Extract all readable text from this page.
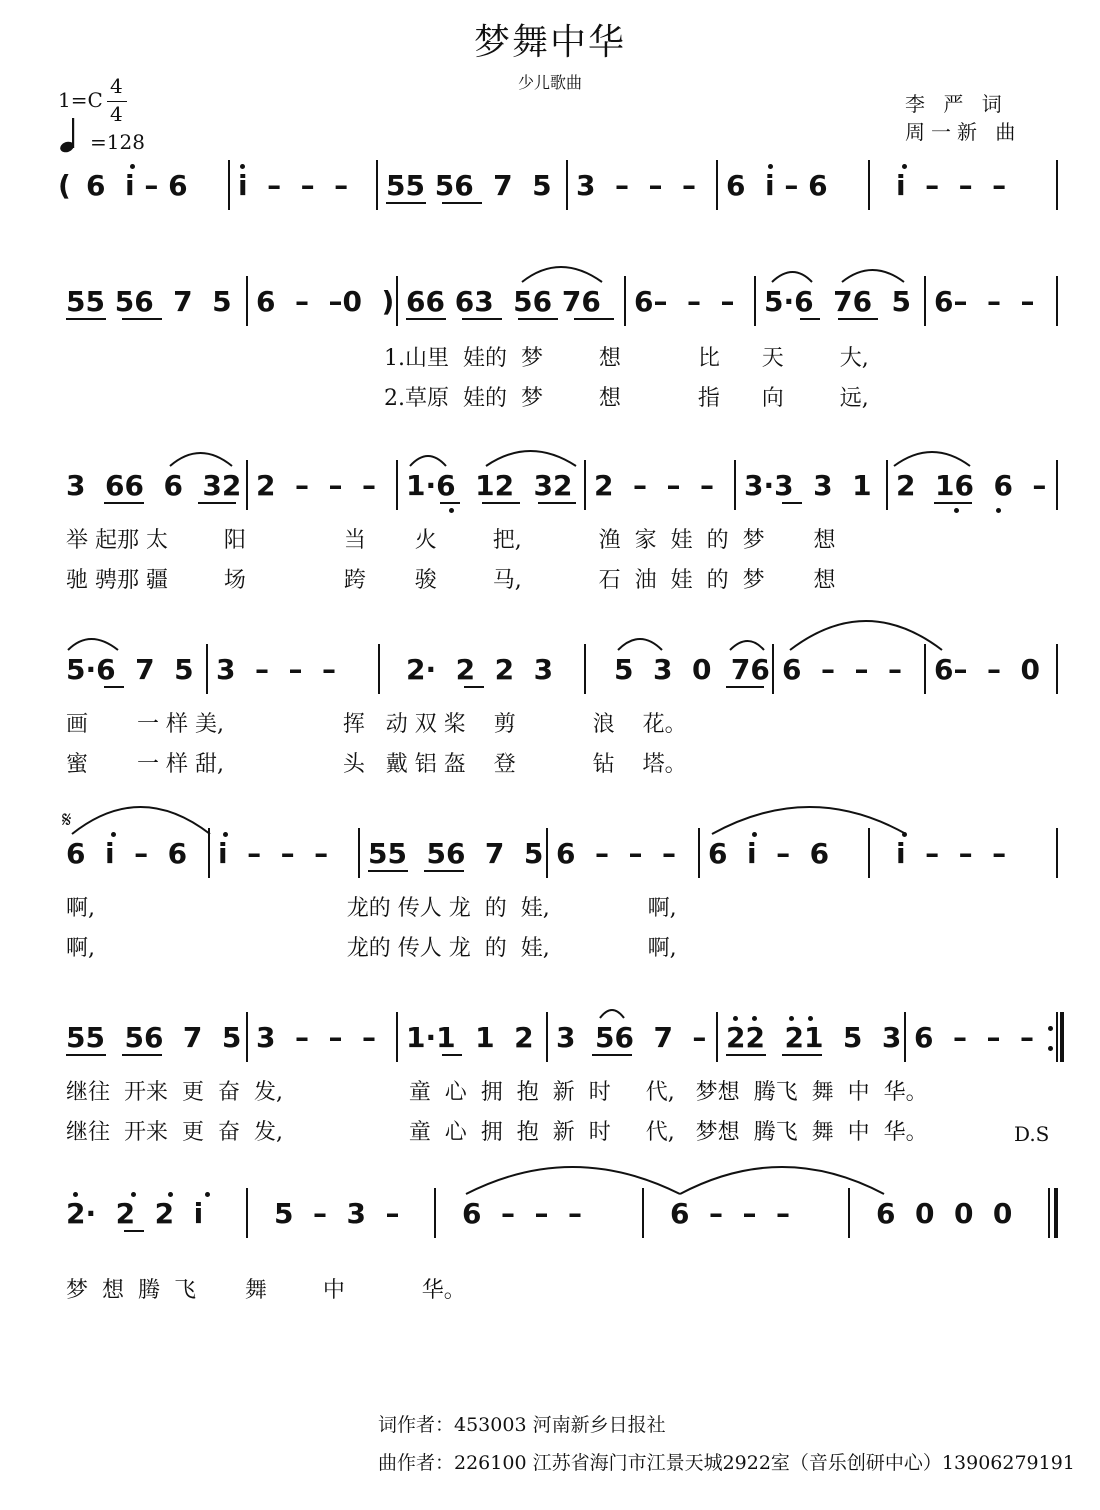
梦舞中华
少儿歌曲
1=C
4
4
=128
李 严 词
周一新 曲
( 6  i – 6 i  –  –  – 55 56  7  5 3  –  –  – 6  i – 6 i  –  –  –
55 56  7  5 6  –  –0  ) 66 63  56 76 6–  –  – 5·6  76  5 6–  –  –
1.山里  娃的  梦        想           比      天        大,
2.草原  娃的  梦        想           指      向        远,
3  66  6  32 2  –  –  – 1·6  12  32 2  –  –  – 3·3  3  1 2  16  6  –
举 起那 太        阳              当       火        把,           渔  家  娃  的  梦       想
驰 骋那 疆        场              跨       骏        马,           石  油  娃  的  梦       想
5·6  7  5 3  –  –  –	2·  2  2  3 5  3  0  76 6  –  –  – 6–  –  0
画       一 样 美,                 挥   动 双 桨    剪           浪    花。
蜜       一 样 甜,                 头   戴 铝 盔    登           钻    塔。
𝄋
6  i  –  6 i  –  –  – 55  56  7  5 6  –  –  – 6  i  –  6 i  –  –  –
啊,                                    龙的 传人 龙  的  娃,              啊,
啊,                                    龙的 传人 龙  的  娃,              啊,
55  56  7  5 3  –  –  – 1·1  1  2 3  56  7  – 22  21  5  3 6  –  –  –
继往  开来  更  奋  发,                  童  心  拥  抱  新  时     代,   梦想  腾飞  舞  中  华。
继往  开来  更  奋  发,                  童  心  拥  抱  新  时     代,   梦想  腾飞  舞  中  华。	D.S
2·  2  2  i	5  –  3  – 6  –  –  –	6  –  –  –	6  0  0  0
梦  想  腾  飞       舞        中           华。
词作者：453003 河南新乡日报社
曲作者：226100 江苏省海门市江景天城2922室（音乐创研中心）13906279191
